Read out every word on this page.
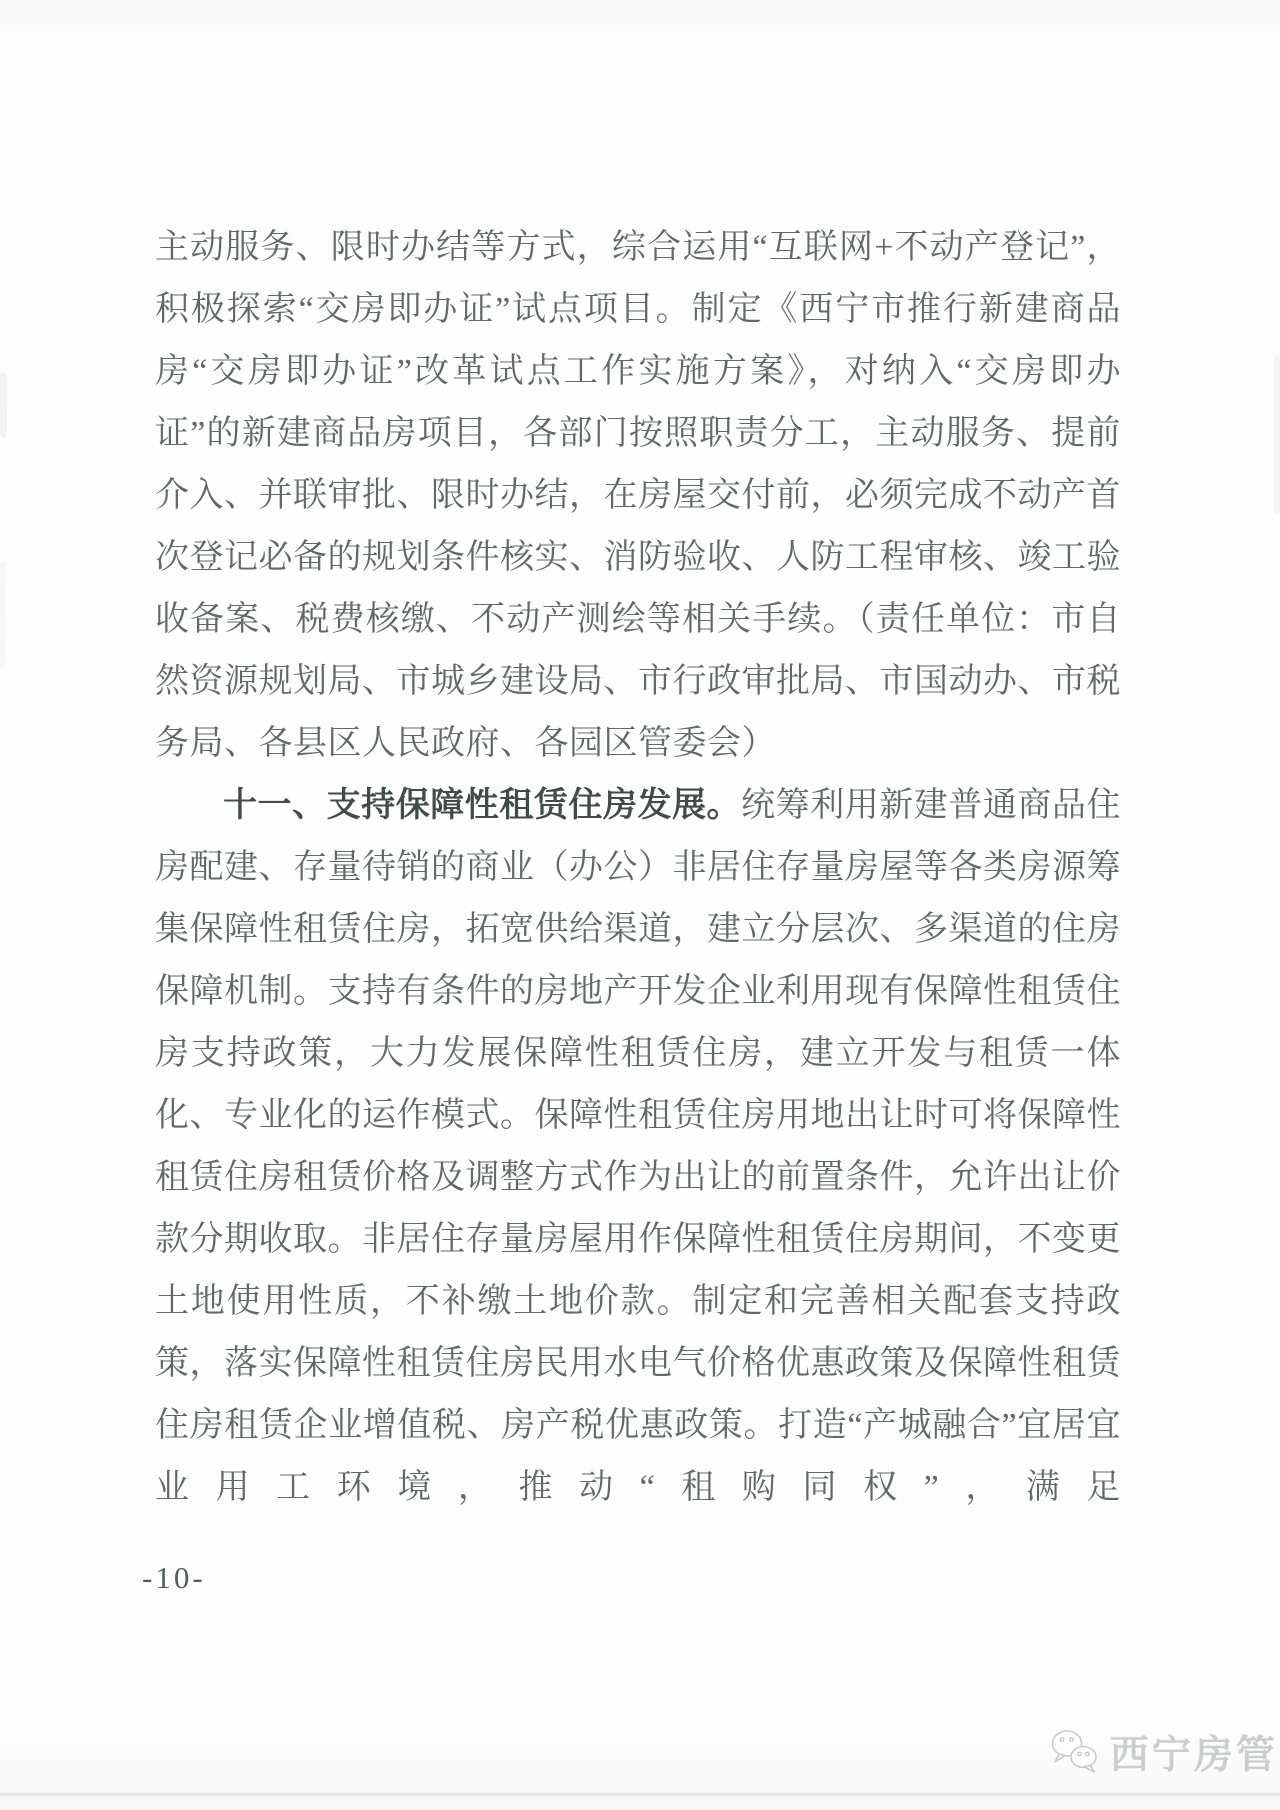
主动服务、限时办结等方式，综合运用“互联网+不动产登记”，积极探索“交房即办证”试点项目。制定《西宁市推行新建商品房“交房即办证”改革试点工作实施方案》，对纳入“交房即办证”的新建商品房项目，各部门按照职责分工，主动服务、提前介入、并联审批、限时办结，在房屋交付前，必须完成不动产首次登记必备的规划条件核实、消防验收、人防工程审核、竣工验收备案、税费核缴、不动产测绘等相关手续。（责任单位：市自然资源规划局、市城乡建设局、市行政审批局、市国动办、市税务局、各县区人民政府、各园区管委会）

十一、支持保障性租赁住房发展。统筹利用新建普通商品住房配建、存量待销的商业（办公）非居住存量房屋等各类房源筹集保障性租赁住房，拓宽供给渠道，建立分层次、多渠道的住房保障机制。支持有条件的房地产开发企业利用现有保障性租赁住房支持政策，大力发展保障性租赁住房，建立开发与租赁一体化、专业化的运作模式。保障性租赁住房用地出让时可将保障性租赁住房租赁价格及调整方式作为出让的前置条件，允许出让价款分期收取。非居住存量房屋用作保障性租赁住房期间，不变更土地使用性质，不补缴土地价款。制定和完善相关配套支持政策，落实保障性租赁住房民用水电气价格优惠政策及保障性租赁住房租赁企业增值税、房产税优惠政策。打造“产城融合”宜居宜业用工环境，推动“租购同权”，满足

-10-
西宁房管
